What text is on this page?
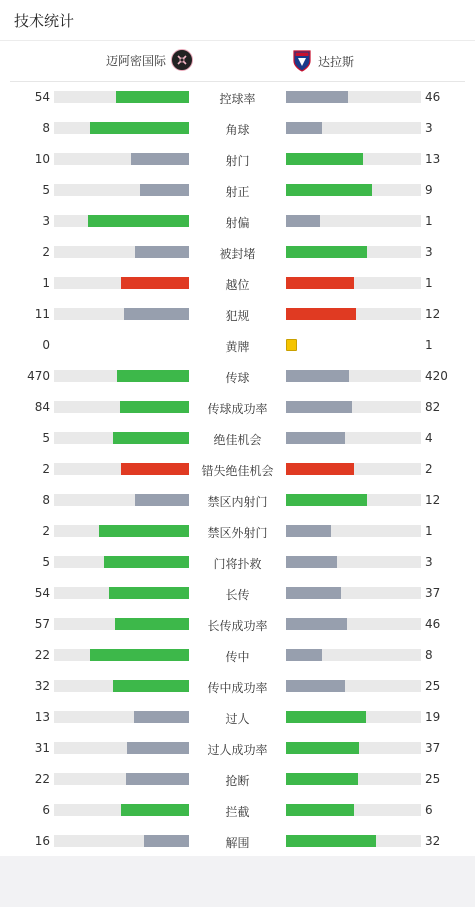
技术统计
迈阿密国际	达拉斯
54	控球率	46
8	角球	3
10	射门	13
5	射正	9
3	射偏	1
2	被封堵	3
1	越位	1
11	犯规	12
0	黄牌	1
470	传球	420
84	传球成功率	82
5	绝佳机会	4
2	错失绝佳机会	2
8	禁区内射门	12
2	禁区外射门	1
5	门将扑救	3
54	长传	37
57	长传成功率	46
22	传中	8
32	传中成功率	25
13	过人	19
31	过人成功率	37
22	抢断	25
6	拦截	6
16	解围	32
